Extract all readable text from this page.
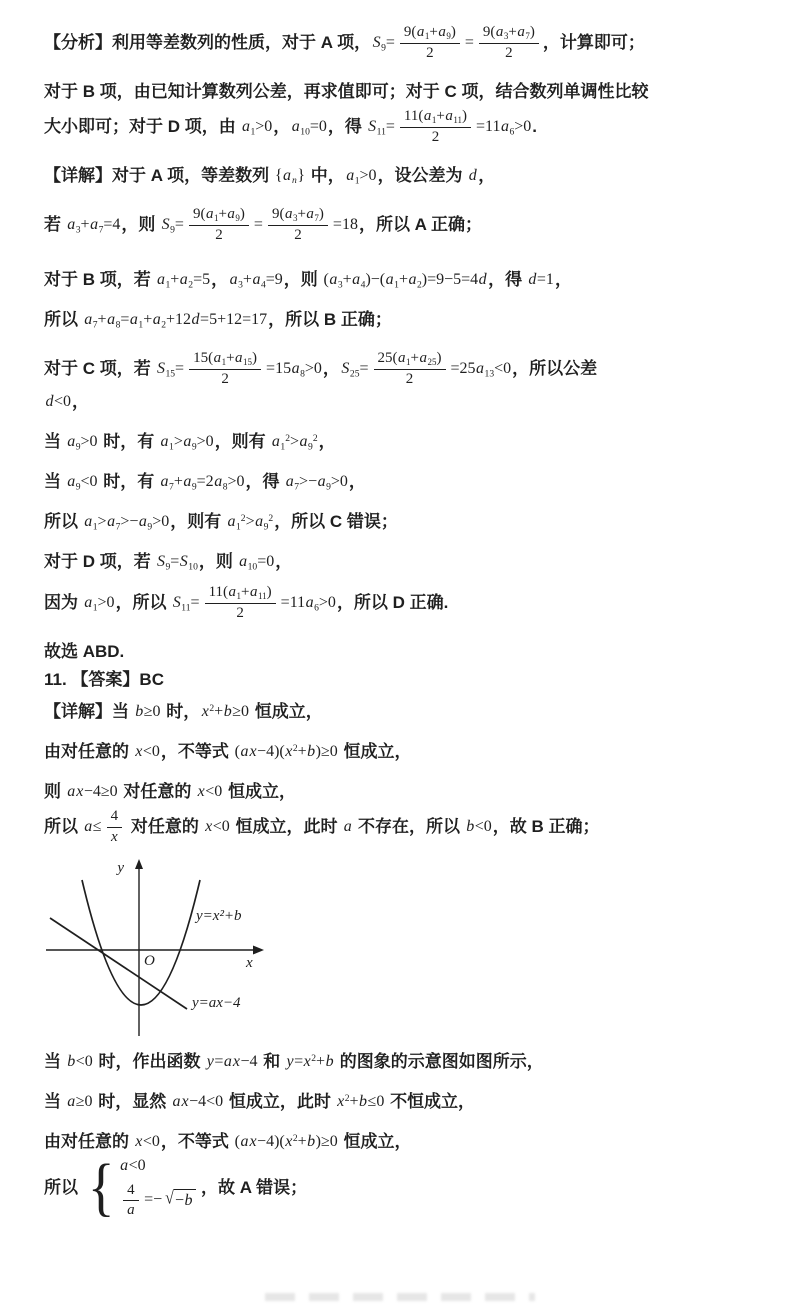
【分析】利用等差数列的性质，对于 A 项， $S_9= \frac{9(a_1+a_9)}{2} = \frac{9(a_3+a_7)}{2}$ ，计算即可；
对于 B 项，由已知计算数列公差，再求值即可；对于 C 项，结合数列单调性比较
大小即可；对于 D 项，由 $a_1>0$ ， $a_{10}=0$ ，得 $S_{11}= \frac{11(a_1+a_{11})}{2} =11a_6>0$ .
【详解】对于 A 项，等差数列 $\{a_n\}$ 中， $a_1>0$ ，设公差为 d ，
若 $a_3+a_7=4$ ，则 $S_9= \frac{9(a_1+a_9)}{2} = \frac{9(a_3+a_7)}{2} =18$ ，所以 A 正确；
对于 B 项，若 $a_1+a_2=5$ ， $a_3+a_4=9$ ，则 $(a_3+a_4)-(a_1+a_2)=9-5=4d$ ，得 d=1 ，
所以 $a_7+a_8=a_1+a_2+12d=5+12=17$ ，所以 B 正确；
对于 C 项，若 $S_{15}= \frac{15(a_1+a_{15})}{2} =15a_8>0$ ， $S_{25}= \frac{25(a_1+a_{25})}{2} =25a_{13}<0$ ，所以公差
d<0 ，
当 $a_9>0$ 时，有 $a_1>a_9>0$ ，则有 $a_1^2>a_9^2$ ，
当 $a_9<0$ 时，有 $a_7+a_9=2a_8>0$ ，得 $a_7>-a_9>0$ ，
所以 $a_1>a_7>-a_9>0$ ，则有 $a_1^2>a_9^2$ ，所以 C 错误；
对于 D 项，若 $S_9=S_{10}$ ，则 $a_{10}=0$ ，
因为 $a_1>0$ ，所以 $S_{11}= \frac{11(a_1+a_{11})}{2} =11a_6>0$ ，所以 D 正确.
故选 ABD.
11. 【答案】BC
【详解】当 b≥0 时， $x^2+b\ge 0$ 恒成立，
由对任意的 x<0 ，不等式 $(ax-4)(x^2+b)\ge 0$ 恒成立，
则 ax−4≥0 对任意的 x<0 恒成立，
所以 $a\le \frac{4}{x}$ 对任意的 x<0 恒成立，此时 a 不存在，所以 b<0 ，故 B 正确；
y
x
O
y=x²+b
y=ax−4
当 b<0 时，作出函数 y=ax−4 和 $y=x^2+b$ 的图象的示意图如图所示，
当 a≥0 时，显然 ax−4<0 恒成立，此时 $x^2+b\le 0$ 不恒成立，
由对任意的 x<0 ，不等式 $(ax-4)(x^2+b)\ge 0$ 恒成立，
所以 { a<0
$\frac{4}{a}$ =− √ −b
，故 A 错误；
